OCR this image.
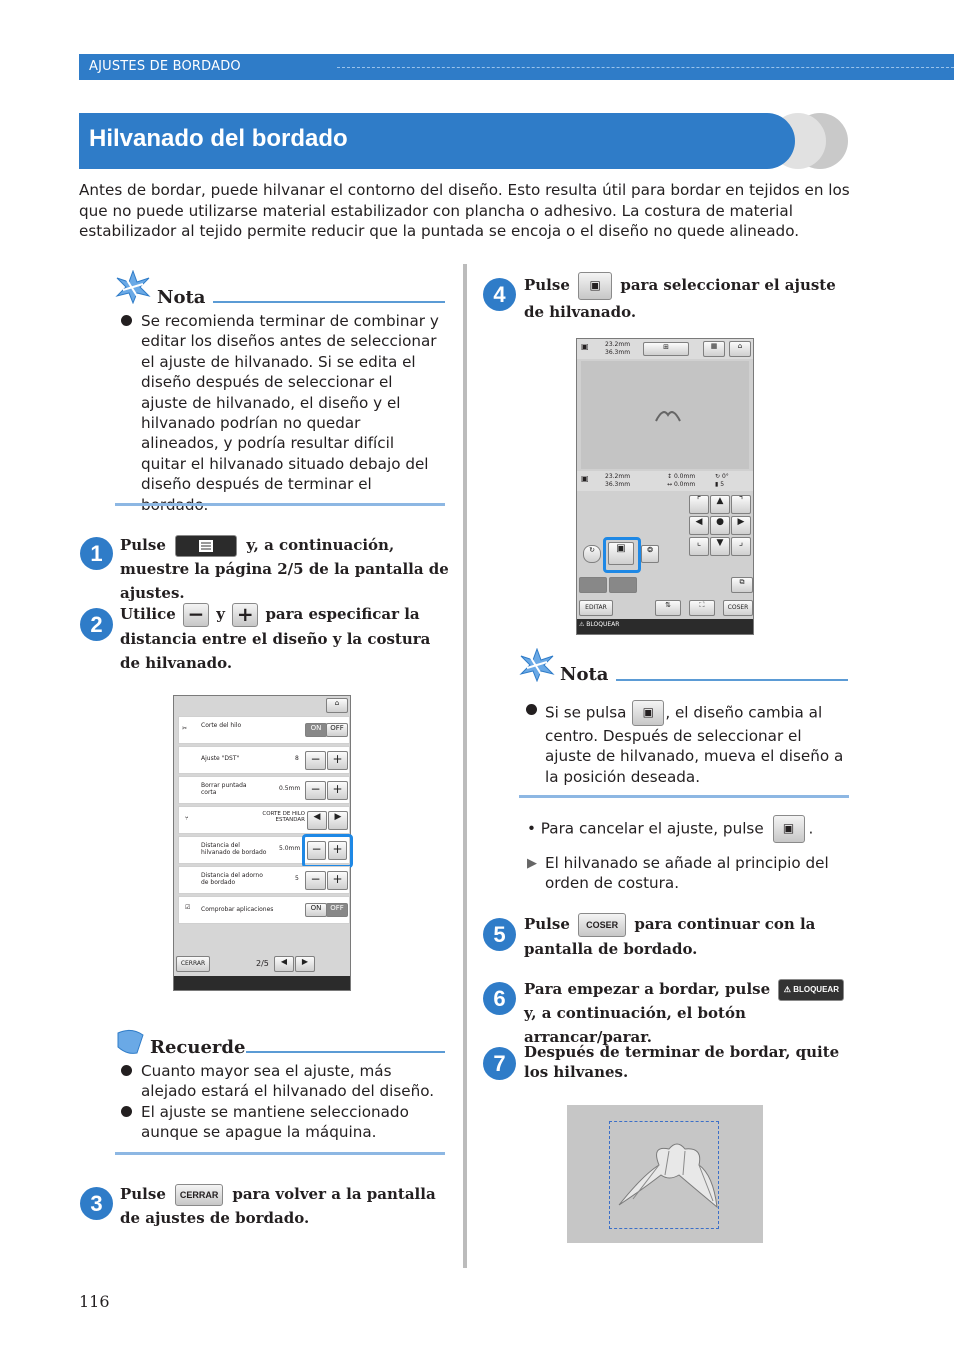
AJUSTES DE BORDADO
Hilvanado del bordado
Antes de bordar, puede hilvanar el contorno del diseño. Esto resulta útil para bordar en tejidos en los que no puede utilizarse material estabilizador con plancha o adhesivo. La costura de material estabilizador al tejido permite reducir que la puntada se encoja o el diseño no quede alineado.
Nota
Se recomienda terminar de combinar y editar los diseños antes de seleccionar el ajuste de hilvanado. Si se edita el diseño después de seleccionar el ajuste de hilvanado, el diseño y el hilvanado podrían no quedar alineados, y podría resultar difícil quitar el hilvanado situado debajo del diseño después de terminar el bordado.
1	Pulse	y, a continuación, muestre la página 2/5 de la pantalla de ajustes.
2	Utilice − y + para especificar la distancia entre el diseño y la costura de hilvanado.
⌂
✂ Corte del hilo	ON	OFF
Ajuste "DST"	8 − +
Borrar puntada corta
0.5mm − +
⑂
CORTE DE HILO ESTANDAR ◀	▶
Distancia del hilvanado de bordado
5.0mm − +
Distancia del adorno de bordado
5 − +
☑ Comprobar aplicaciones	ON	OFF
CERRAR	2/5	◀	▶
Recuerde
Cuanto mayor sea el ajuste, más alejado estará el hilvanado del diseño.
El ajuste se mantiene seleccionado aunque se apague la máquina.
3	Pulse CERRAR para volver a la pantalla de ajustes de bordado.
4	Pulse ▣ para seleccionar el ajuste de hilvanado.
▣	23.2mm
36.3mm
⊞	▦	⌂
▣	23.2mm
36.3mm
↕ 0.0mm
↔ 0.0mm
↻ 0°
▮ 5
⌜	▲	⌝
◀	●	▶
⌞	▼	⌟
↻	▣	❂
⧉
EDITAR	⇅	⛶	COSER
⚠ BLOQUEAR
Nota
Si se pulsa ▣ , el diseño cambia al centro. Después de seleccionar el ajuste de hilvanado, mueva el diseño a la posición deseada.
• Para cancelar el ajuste, pulse ▣ .
▶ El hilvanado se añade al principio del orden de costura.
5	Pulse COSER para continuar con la pantalla de bordado.
6	Para empezar a bordar, pulse ⚠ BLOQUEAR y, a continuación, el botón arrancar/parar.
7	Después de terminar de bordar, quite los hilvanes.
116
